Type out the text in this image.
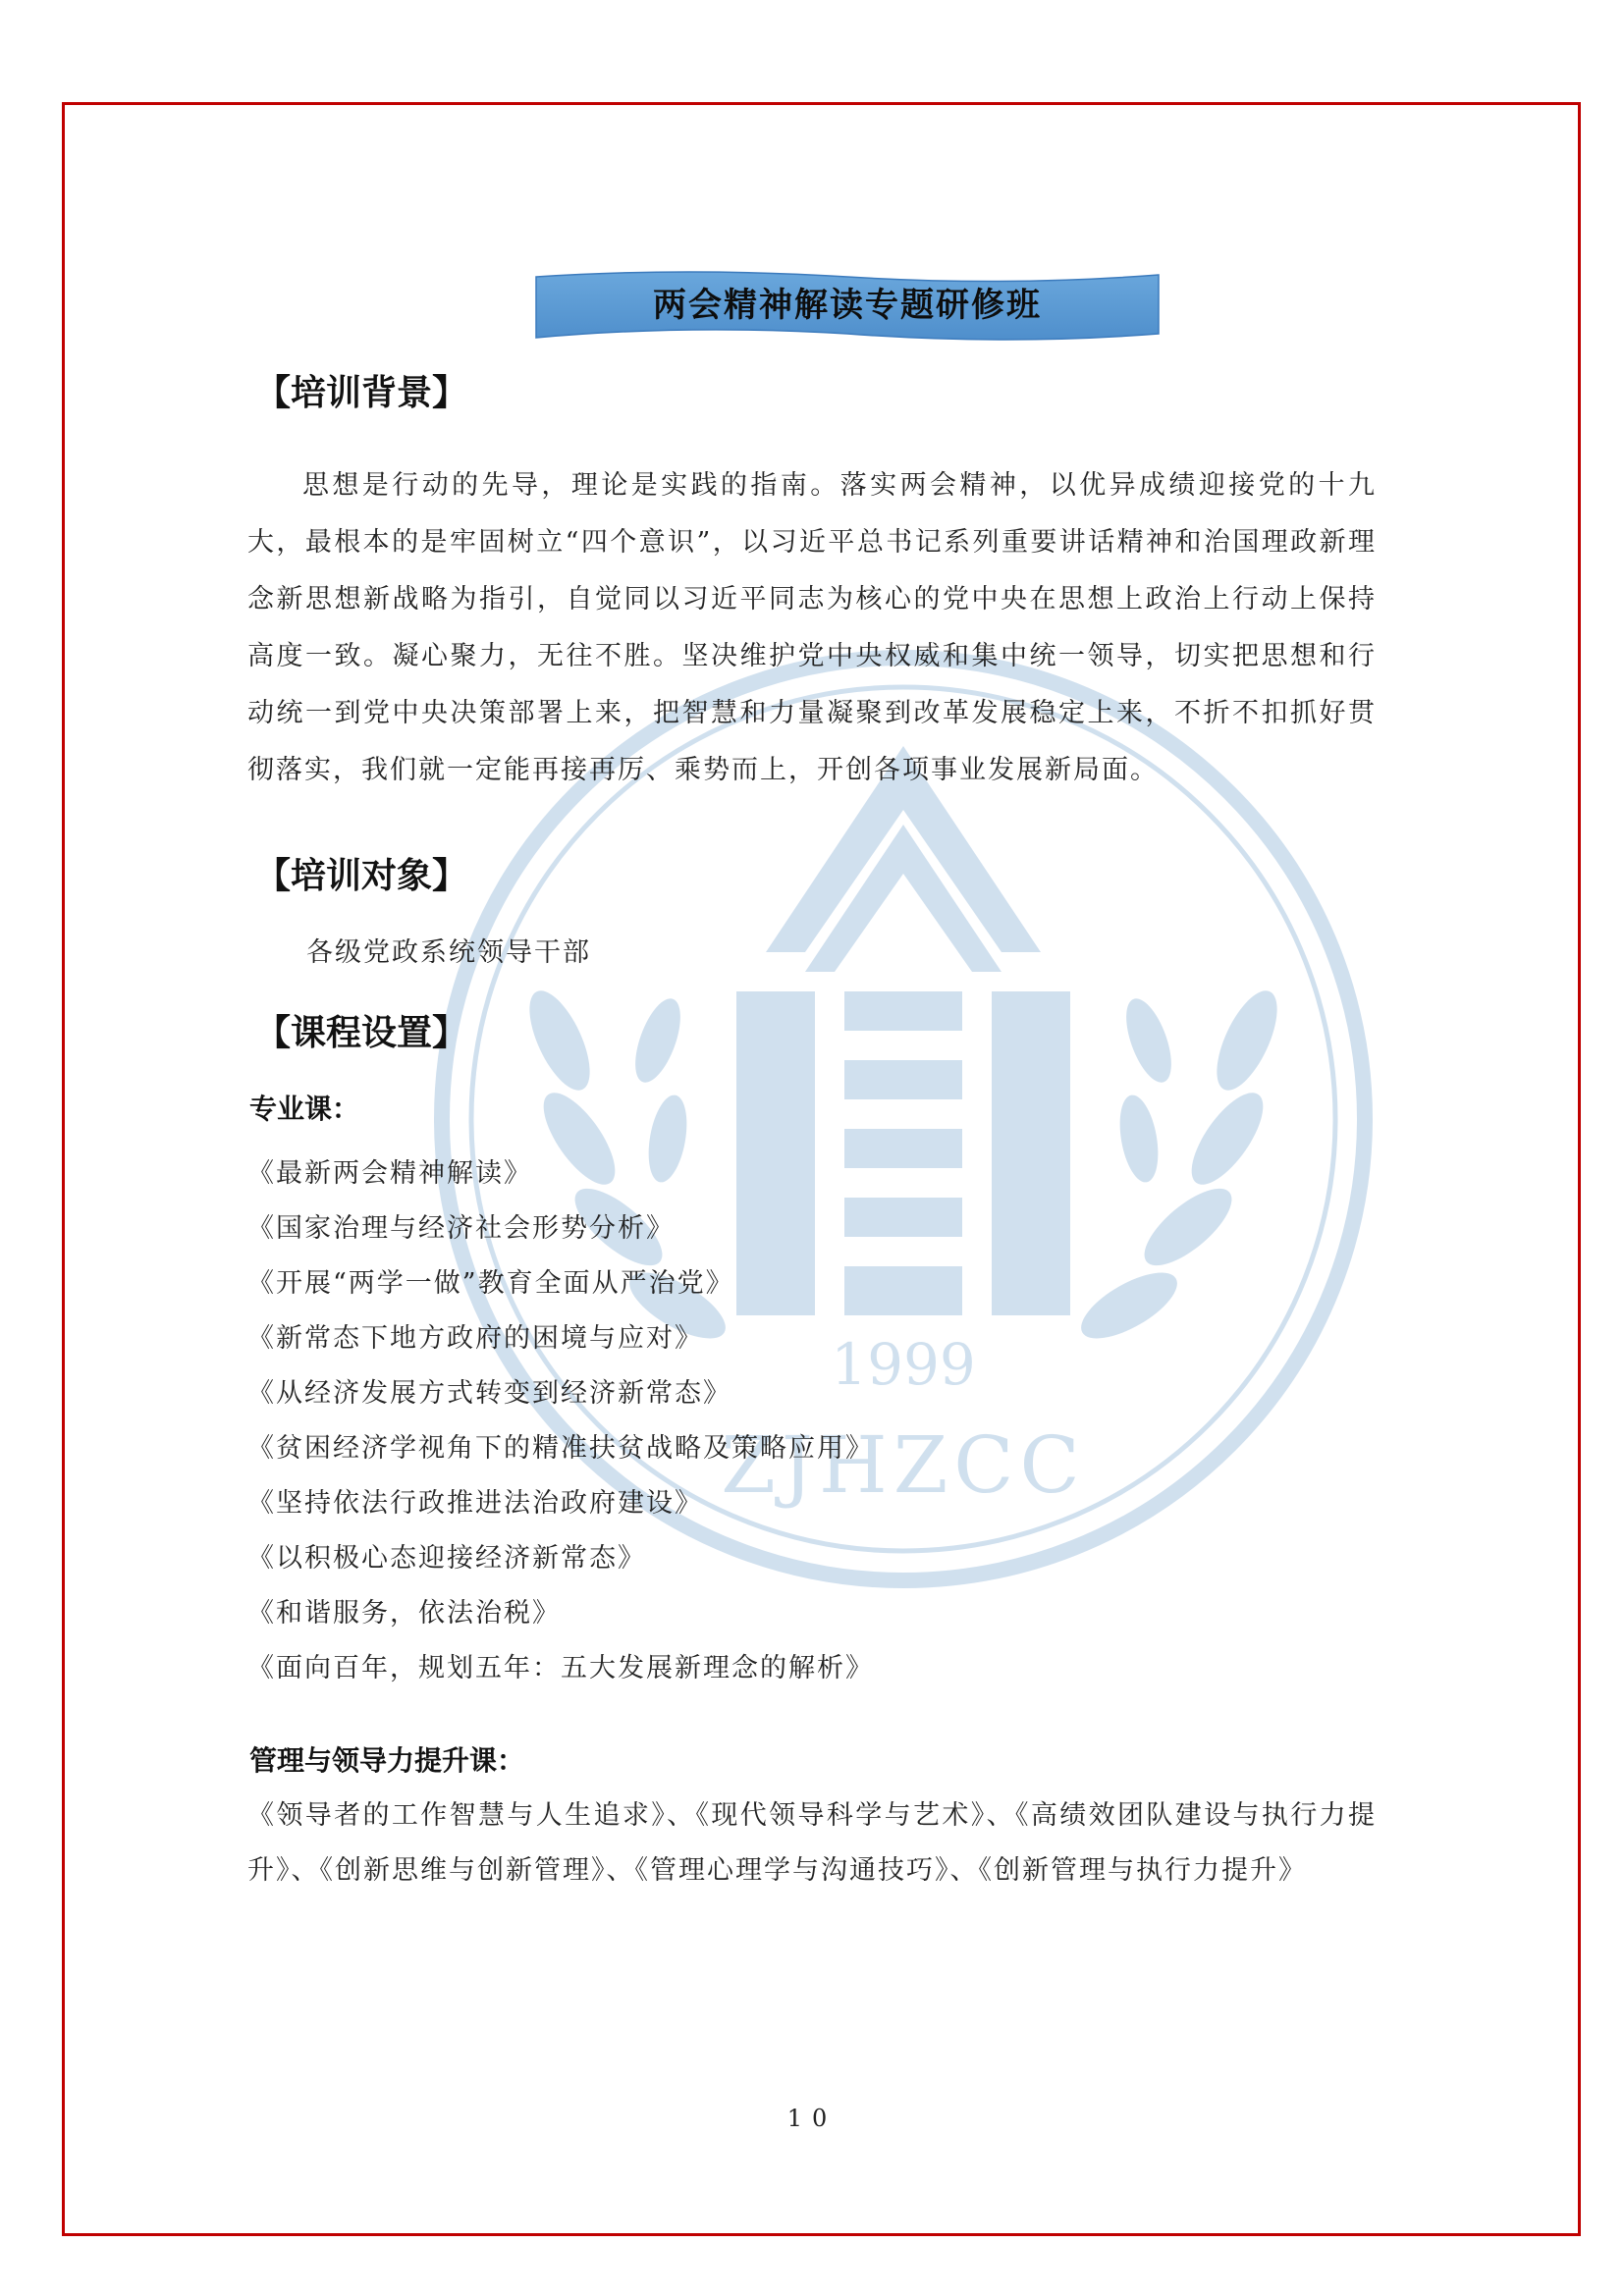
1999
ZJHZCC
两会精神解读专题研修班
【培训背景】
思想是行动的先导，理论是实践的指南。落实两会精神，以优异成绩迎接党的十九大，最根本的是牢固树立“四个意识”，以习近平总书记系列重要讲话精神和治国理政新理念新思想新战略为指引，自觉同以习近平同志为核心的党中央在思想上政治上行动上保持高度一致。凝心聚力，无往不胜。坚决维护党中央权威和集中统一领导，切实把思想和行动统一到党中央决策部署上来，把智慧和力量凝聚到改革发展稳定上来，不折不扣抓好贯彻落实，我们就一定能再接再厉、乘势而上，开创各项事业发展新局面。
【培训对象】
各级党政系统领导干部
【课程设置】
专业课：
《最新两会精神解读》
《国家治理与经济社会形势分析》
《开展“两学一做”教育全面从严治党》
《新常态下地方政府的困境与应对》
《从经济发展方式转变到经济新常态》
《贫困经济学视角下的精准扶贫战略及策略应用》
《坚持依法行政推进法治政府建设》
《以积极心态迎接经济新常态》
《和谐服务，依法治税》
《面向百年，规划五年：五大发展新理念的解析》
管理与领导力提升课：
《领导者的工作智慧与人生追求》、《现代领导科学与艺术》、《高绩效团队建设与执行力提升》、《创新思维与创新管理》、《管理心理学与沟通技巧》、《创新管理与执行力提升》
10
